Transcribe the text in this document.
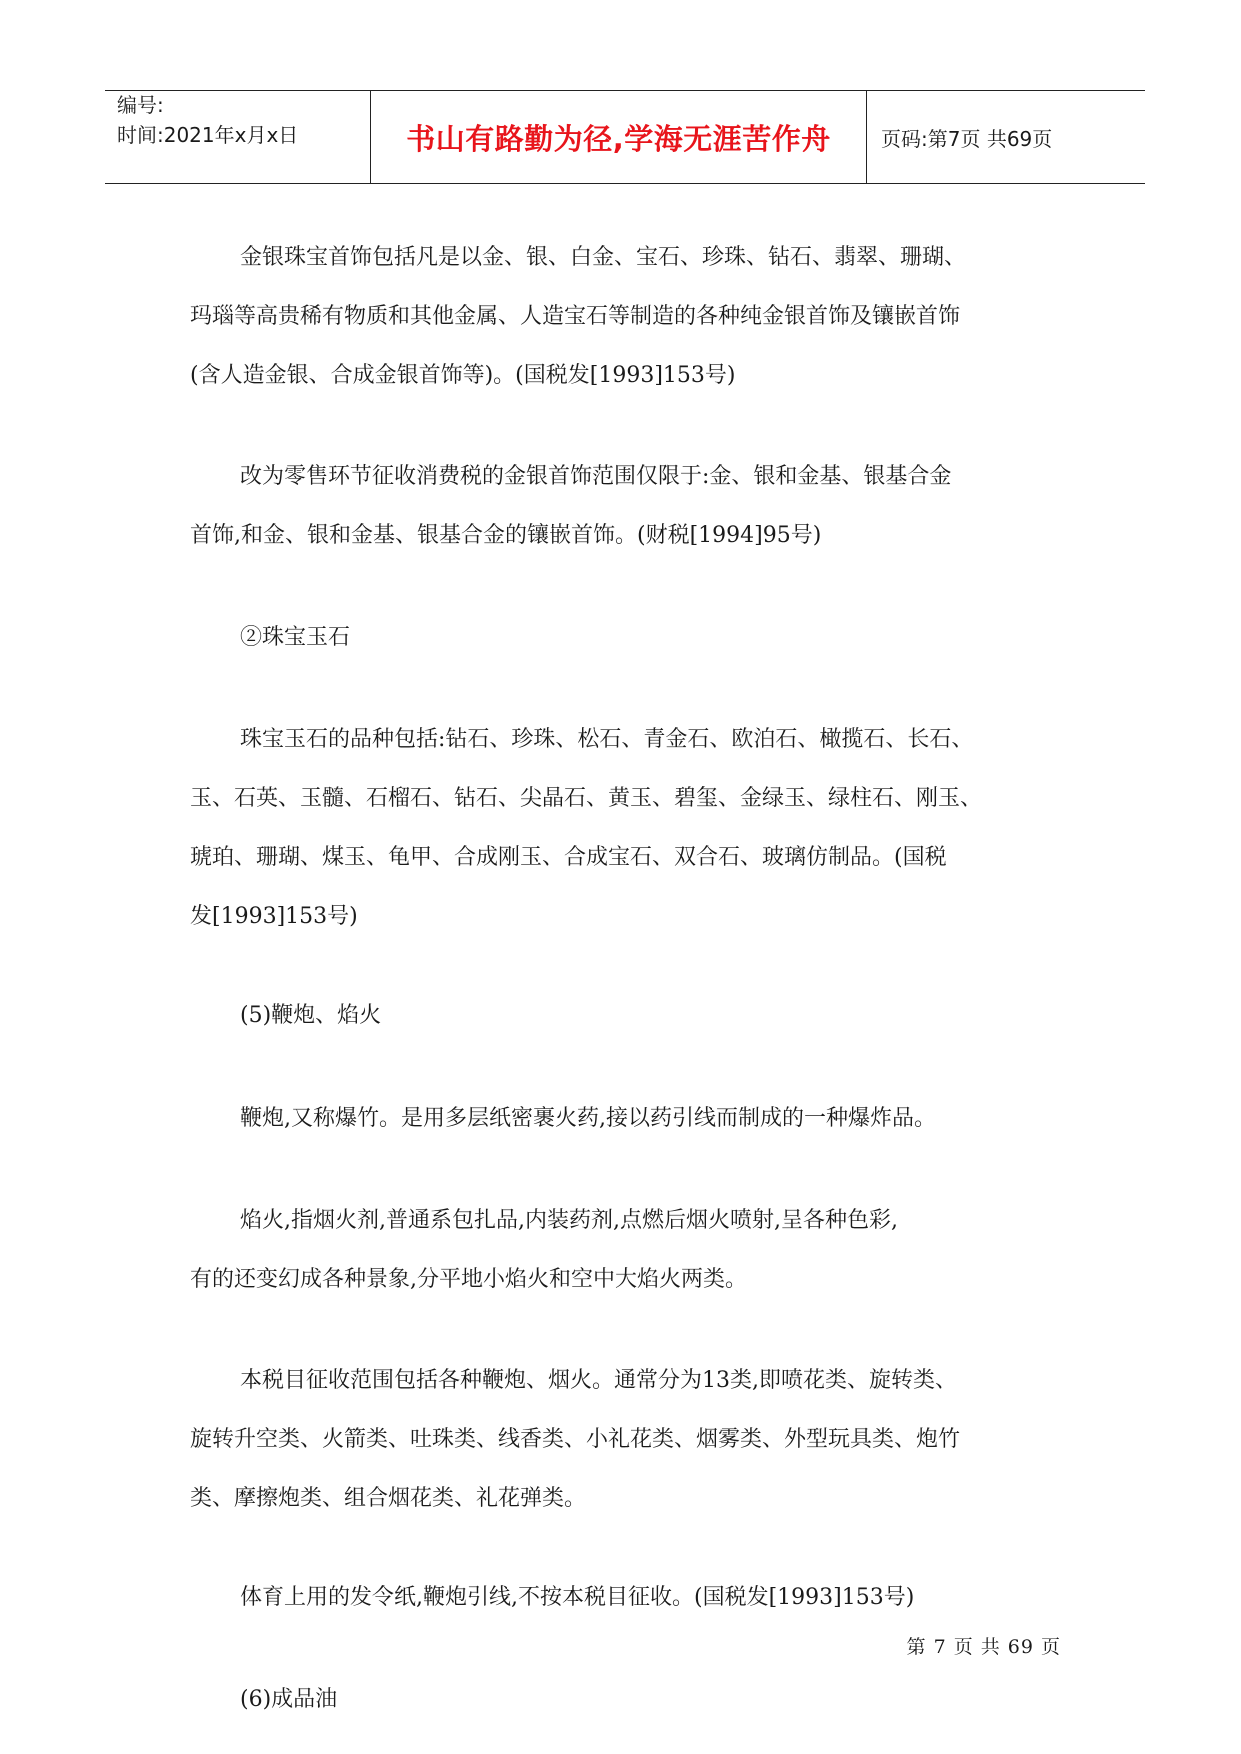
编号:
时间:2021年x月x日	书山有路勤为径,学海无涯苦作舟	页码:第7页 共69页
金银珠宝首饰包括凡是以金、银、白金、宝石、珍珠、钻石、翡翠、珊瑚、
玛瑙等高贵稀有物质和其他金属、人造宝石等制造的各种纯金银首饰及镶嵌首饰
(含人造金银、合成金银首饰等)。(国税发[1993]153号)
改为零售环节征收消费税的金银首饰范围仅限于:金、银和金基、银基合金
首饰,和金、银和金基、银基合金的镶嵌首饰。(财税[1994]95号)
②珠宝玉石
珠宝玉石的品种包括:钻石、珍珠、松石、青金石、欧泊石、橄揽石、长石、
玉、石英、玉髓、石榴石、钻石、尖晶石、黄玉、碧玺、金绿玉、绿柱石、刚玉、
琥珀、珊瑚、煤玉、龟甲、合成刚玉、合成宝石、双合石、玻璃仿制品。(国税
发[1993]153号)
(5)鞭炮、焰火
鞭炮,又称爆竹。是用多层纸密裹火药,接以药引线而制成的一种爆炸品。
焰火,指烟火剂,普通系包扎品,内装药剂,点燃后烟火喷射,呈各种色彩,
有的还变幻成各种景象,分平地小焰火和空中大焰火两类。
本税目征收范围包括各种鞭炮、烟火。通常分为13类,即喷花类、旋转类、
旋转升空类、火箭类、吐珠类、线香类、小礼花类、烟雾类、外型玩具类、炮竹
类、摩擦炮类、组合烟花类、礼花弹类。
体育上用的发令纸,鞭炮引线,不按本税目征收。(国税发[1993]153号)
(6)成品油
第 7 页 共 69 页
